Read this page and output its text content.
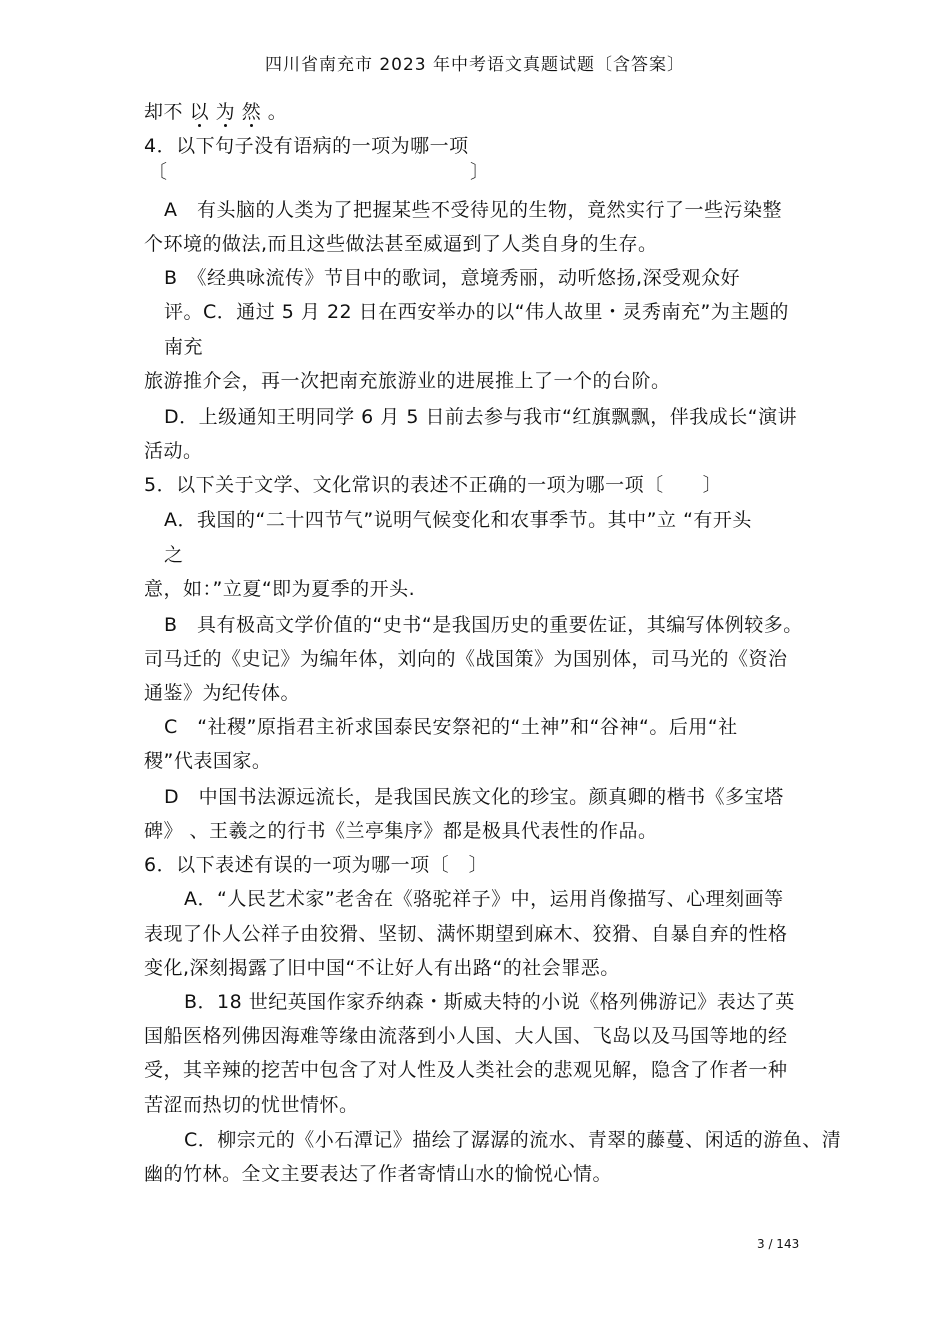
四川省南充市 2023 年中考语文真题试题〔含答案〕
却不 以 为 然 。
4．以下句子没有语病的一项为哪一项
〔	〕
A　有头脑的人类为了把握某些不受待见的生物，竟然实行了一些污染整
个环境的做法,而且这些做法甚至威逼到了人类自身的生存。
B　《经典咏流传》节目中的歌词，意境秀丽，动听悠扬,深受观众好
评。C．通过 5 月 22 日在西安举办的以“伟人故里・灵秀南充”为主题的
南充
旅游推介会，再一次把南充旅游业的进展推上了一个的台阶。
D．上级通知王明同学 6 月 5 日前去参与我市“红旗飘飘，伴我成长“演讲
活动。
5．以下关于文学、文化常识的表述不正确的一项为哪一项〔　　〕
A．我国的“二十四节气”说明气候变化和农事季节。其中”立 “有开头
之
意，如：”立夏“即为夏季的开头.
B　具有极高文学价值的“史书“是我国历史的重要佐证，其编写体例较多。
司马迁的《史记》为编年体，刘向的《战国策》为国别体，司马光的《资治
通鉴》为纪传体。
C　“社稷”原指君主祈求国泰民安祭祀的“土神”和“谷神“。后用“社
稷”代表国家。
D　中国书法源远流长，是我国民族文化的珍宝。颜真卿的楷书《多宝塔
碑》 、王羲之的行书《兰亭集序》都是极具代表性的作品。
6．以下表述有误的一项为哪一项〔　〕
A．“人民艺术家”老舍在《骆驼祥子》中，运用肖像描写、心理刻画等
表现了仆人公祥子由狡猾、坚韧、满怀期望到麻木、狡猾、自暴自弃的性格
变化,深刻揭露了旧中国“不让好人有出路“的社会罪恶。
B．18 世纪英国作家乔纳森・斯威夫特的小说《格列佛游记》表达了英
国船医格列佛因海难等缘由流落到小人国、大人国、飞岛以及马国等地的经
受，其辛辣的挖苦中包含了对人性及人类社会的悲观见解，隐含了作者一种
苦涩而热切的忧世情怀。
C．柳宗元的《小石潭记》描绘了潺潺的流水、青翠的藤蔓、闲适的游鱼、清
幽的竹林。全文主要表达了作者寄情山水的愉悦心情。
3 / 143
